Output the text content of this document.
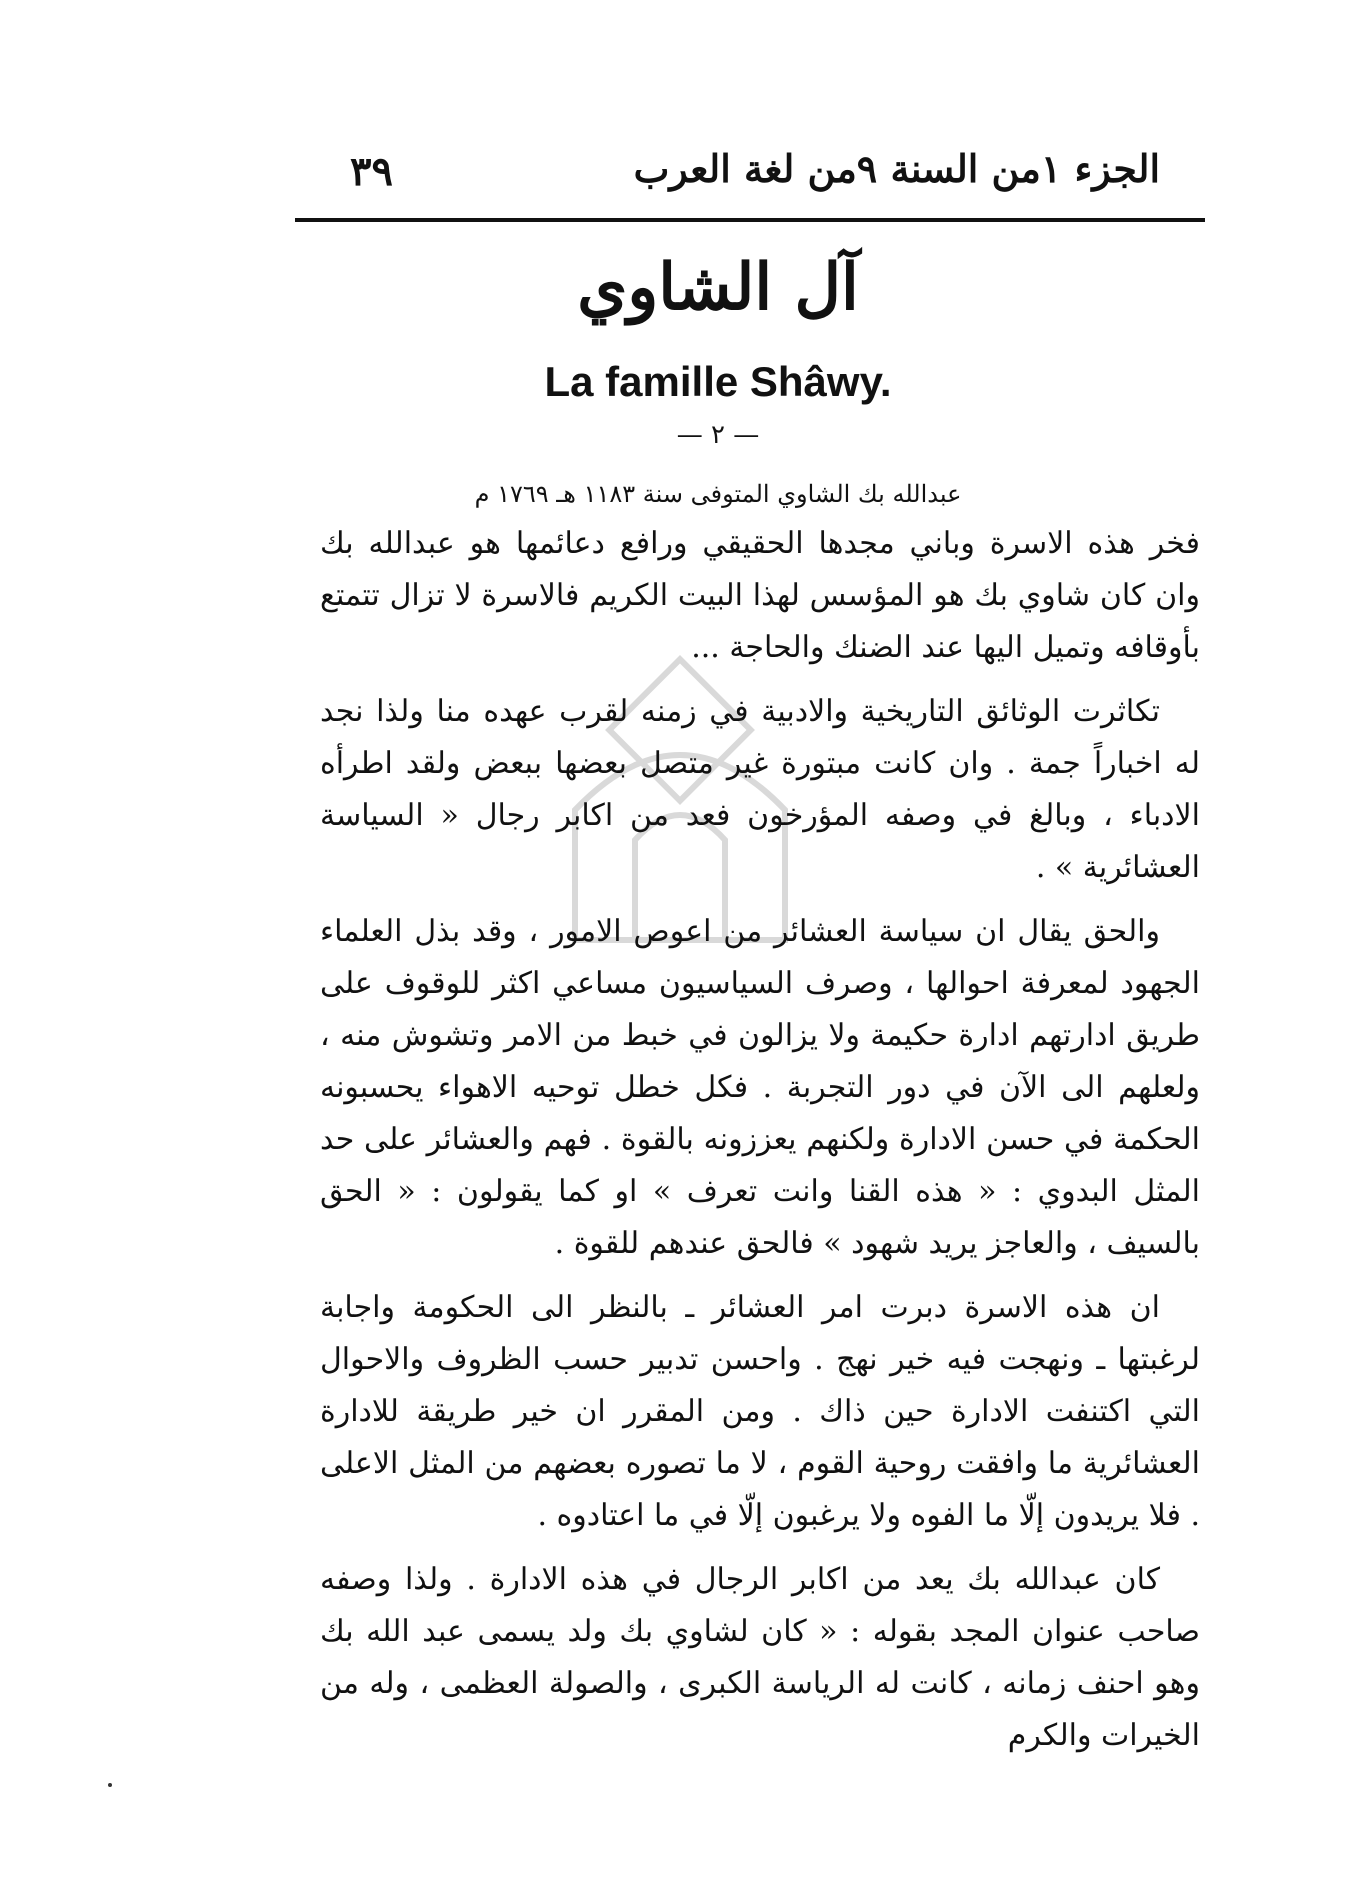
٣٩	الجزء ١من السنة ٩من لغة العرب
آل الشاوي
La famille Shâwy.
— ٢ —
عبدالله بك الشاوي المتوفى سنة ١١٨٣ هـ ١٧٦٩ م

فخر هذه الاسرة وباني مجدها الحقيقي ورافع دعائمها هو عبدالله بك وان كان شاوي بك هو المؤسس لهذا البيت الكريم فالاسرة لا تزال تتمتع بأوقافه وتميل اليها عند الضنك والحاجة ...

تكاثرت الوثائق التاريخية والادبية في زمنه لقرب عهده منا ولذا نجد له اخباراً جمة . وان كانت مبتورة غير متصل بعضها ببعض ولقد اطرأه الادباء ، وبالغ في وصفه المؤرخون فعد من اكابر رجال « السياسة العشائرية » .

والحق يقال ان سياسة العشائر من اعوص الامور ، وقد بذل العلماء الجهود لمعرفة احوالها ، وصرف السياسيون مساعي اكثر للوقوف على طريق ادارتهم ادارة حكيمة ولا يزالون في خبط من الامر وتشوش منه ، ولعلهم الى الآن في دور التجربة . فكل خطل توحيه الاهواء يحسبونه الحكمة في حسن الادارة ولكنهم يعززونه بالقوة . فهم والعشائر على حد المثل البدوي : « هذه القنا وانت تعرف » او كما يقولون : « الحق بالسيف ، والعاجز يريد شهود » فالحق عندهم للقوة .

ان هذه الاسرة دبرت امر العشائر ـ بالنظر الى الحكومة واجابة لرغبتها ـ ونهجت فيه خير نهج . واحسن تدبير حسب الظروف والاحوال التي اكتنفت الادارة حين ذاك . ومن المقرر ان خير طريقة للادارة العشائرية ما وافقت روحية القوم ، لا ما تصوره بعضهم من المثل الاعلى . فلا يريدون إلّا ما الفوه ولا يرغبون إلّا في ما اعتادوه .

كان عبدالله بك يعد من اكابر الرجال في هذه الادارة . ولذا وصفه صاحب عنوان المجد بقوله : « كان لشاوي بك ولد يسمى عبد الله بك وهو احنف زمانه ، كانت له الرياسة الكبرى ، والصولة العظمى ، وله من الخيرات والكرم
